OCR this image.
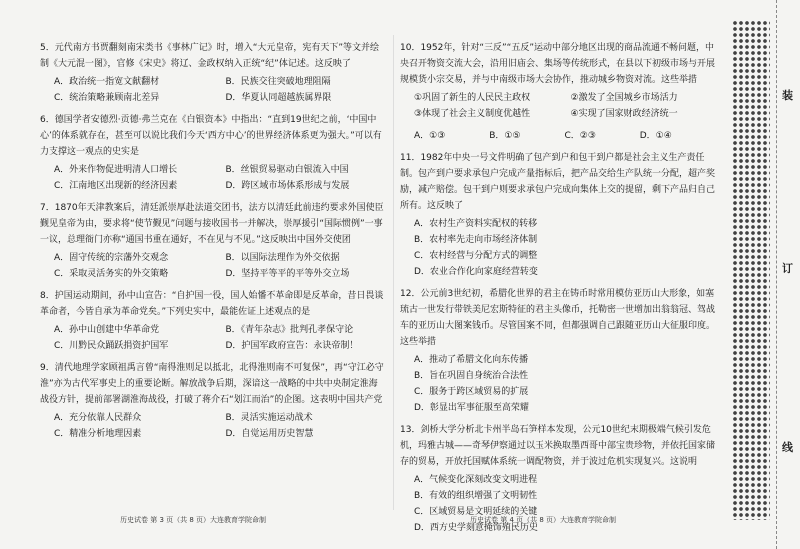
5．元代南方书贾翻刻南宋类书《事林广记》时，增入“大元皇帝，宪有天下”等文并绘制《大元混一图》，官修《宋史》将辽、金政权纳入正统“纪”体记述。这反映了

A．政治统一指宽文献翻材	B．民族交往突破地理阻隔
C．统治策略兼顾南北差异	D．华夏认同超越族属界限

6．德国学者安德烈·贡德·弗兰克在《白银资本》中指出：“直到19世纪之前，‘中国中心’的体系就存在，甚至可以说比我们今天‘西方中心’的世界经济体系更为强大。”可以有力支撑这一观点的史实是

A．外来作物促进明清人口增长	B．丝银贸易驱动白银流入中国
C．江南地区出现新的经济因素	D．跨区域市场体系形成与发展

7．1870年天津教案后，清廷派崇厚赴法道交团书，法方以清廷此前违约要求外国使臣觐见皇帝为由，要求将“使节觐见”问题与接收国书一并解决，崇厚援引“国际惯例”一事一议，总理衙门亦称“通国书重在通好，不在见与不见。”这反映出中国外交使团

A．固守传统的宗藩外交观念	B．以国际法理作为外交依据
C．采取灵活务实的外交策略	D．坚持平等平的平等外交立场

8．护国运动期间，孙中山宣告：“自护国一役，国人始憣不革命即是反革命，昔日畏谈革命者，今皆自承为革命党矣。”下列史实中，最能佐证上述观点的是

A．孙中山创建中华革命党	B．《青年杂志》批判孔孝保守论
C．川黔民众踊跃捐资护国军	D．护国军政府宣告：永诀帝制！

9．清代地理学家顾祖禹言曾“南得淮则足以抵北，北得淮则南不可复保”，再“守江必守淮”亦为古代军事史上的重要论断。解放战争后期，深谙这一战略的中共中央制定淮海战役方针，提前部署湖淮海战役，打破了蒋介石“划江而治”的企图。这表明中国共产党

A．充分依靠人民群众	B．灵活实施运动战术
C．精准分析地理因素	D．自觉运用历史智慧
历史试卷 第 3 页（共 8 页）大连教育学院命制

10．1952年，针对“三反”“五反”运动中部分地区出现的商品流通不畅问题，中央召开物资交流大会，沿用旧庙会、集场等传统形式，在县以下初级市场与开展规模货小宗交易，并与中南级市场大会协作，推动城乡物资对流。这些举措

①巩固了新生的人民民主政权	②激发了全国城乡市场活力
③体现了社会主义制度优越性	④实现了国家财政经济统一
A．①③	B．①⑤	C．②③	D．①④

11．1982年中央一号文件明确了包产到户和包干到户都是社会主义生产责任制。包产到户要求承包户完成产量指标后，把产品交给生产队统一分配，超产奖励，减产赔偿。包干到户则要求承包户完成向集体上交的提留，剩下产品归自己所有。这反映了

A．农村生产资料实配权的转移
B．农村率先走向市场经济体制
C．农村经营与分配方式的调整
D．农业合作化向家庭经营转变

12．公元前3世纪初，希腊化世界的君主在铸币时常用模仿亚历山大形象，如塞琉古一世发行带铁美尼宏斯特征的君主头像币，托勒密一世增加出翁翁冠、驾战车的亚历山大图案钱币。尽管国案不同，但都强调自己跟随亚历山大征服印度。这些举措

A．推动了希腊文化向东传播
B．旨在巩固自身统治合法性
C．服务于跨区域贸易的扩展
D．彰显出军事征服至高荣耀

13．剑桥大学分析北卡州半岛石笋样本发现，公元10世纪末期极端气候引发危机，玛雅古城——奇琴伊察通过以玉米换取墨西哥中部宝贵珍物，并依托国家储存的贸易，开放托国赋体系统一调配物资，并于波过危机实现复兴。这说明

A．气候变化深刻改变文明进程
B．有效的组织增强了文明韧性
C．区域贸易是文明延续的关键
D．西方史学刻意掩饰殖民历史
历史试卷 第 4 页（共 8 页）大连教育学院命制
装
订
线
